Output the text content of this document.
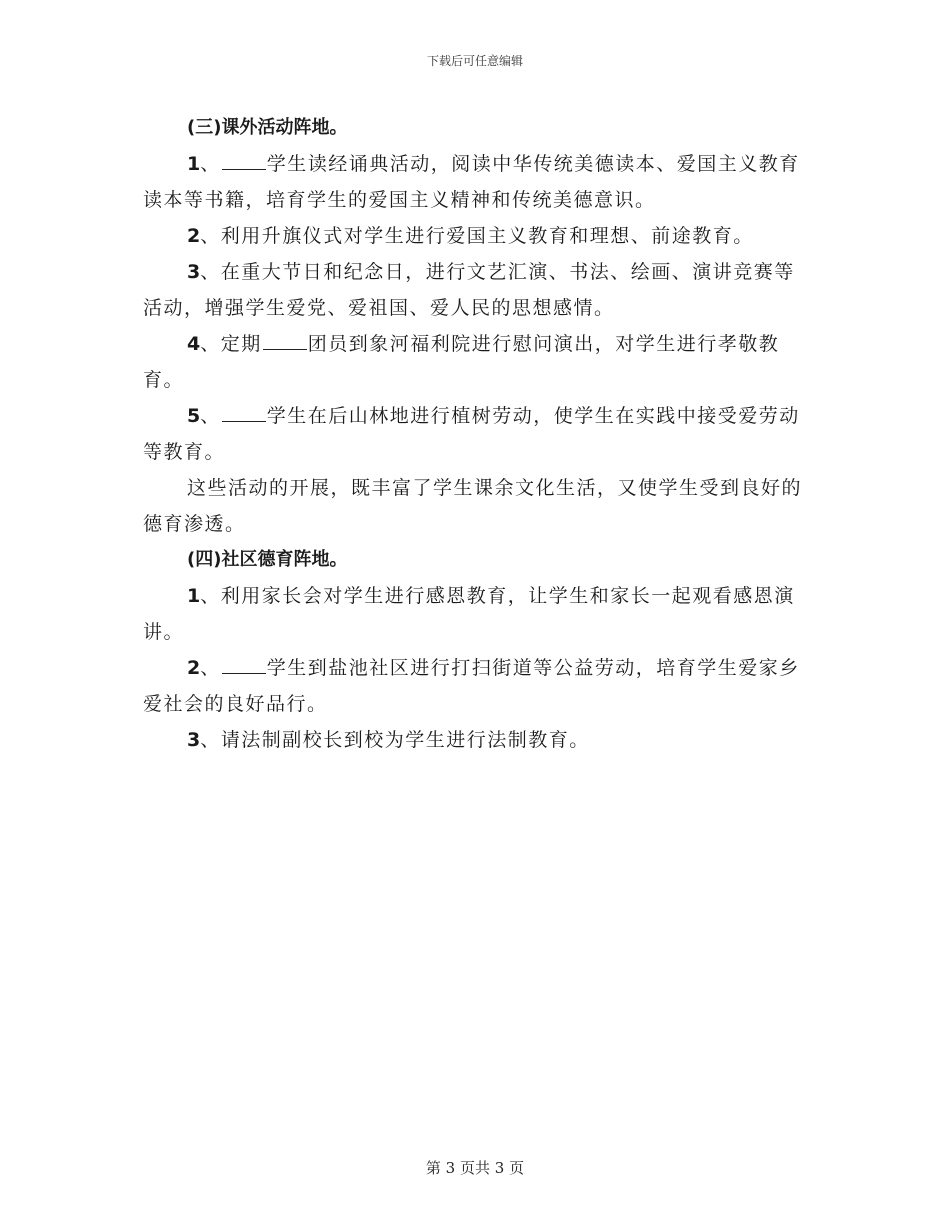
下载后可任意编辑

(三)课外活动阵地。

1、 学生读经诵典活动，阅读中华传统美德读本、爱国主义教育读本等书籍，培育学生的爱国主义精神和传统美德意识。

2、利用升旗仪式对学生进行爱国主义教育和理想、前途教育。

3、在重大节日和纪念日，进行文艺汇演、书法、绘画、演讲竞赛等活动，增强学生爱党、爱祖国、爱人民的思想感情。

4、定期 团员到象河福利院进行慰问演出，对学生进行孝敬教育。

5、 学生在后山林地进行植树劳动，使学生在实践中接受爱劳动等教育。

这些活动的开展，既丰富了学生课余文化生活，又使学生受到良好的德育渗透。

(四)社区德育阵地。

1、利用家长会对学生进行感恩教育，让学生和家长一起观看感恩演讲。

2、 学生到盐池社区进行打扫街道等公益劳动，培育学生爱家乡爱社会的良好品行。

3、请法制副校长到校为学生进行法制教育。

第 3 页共 3 页
